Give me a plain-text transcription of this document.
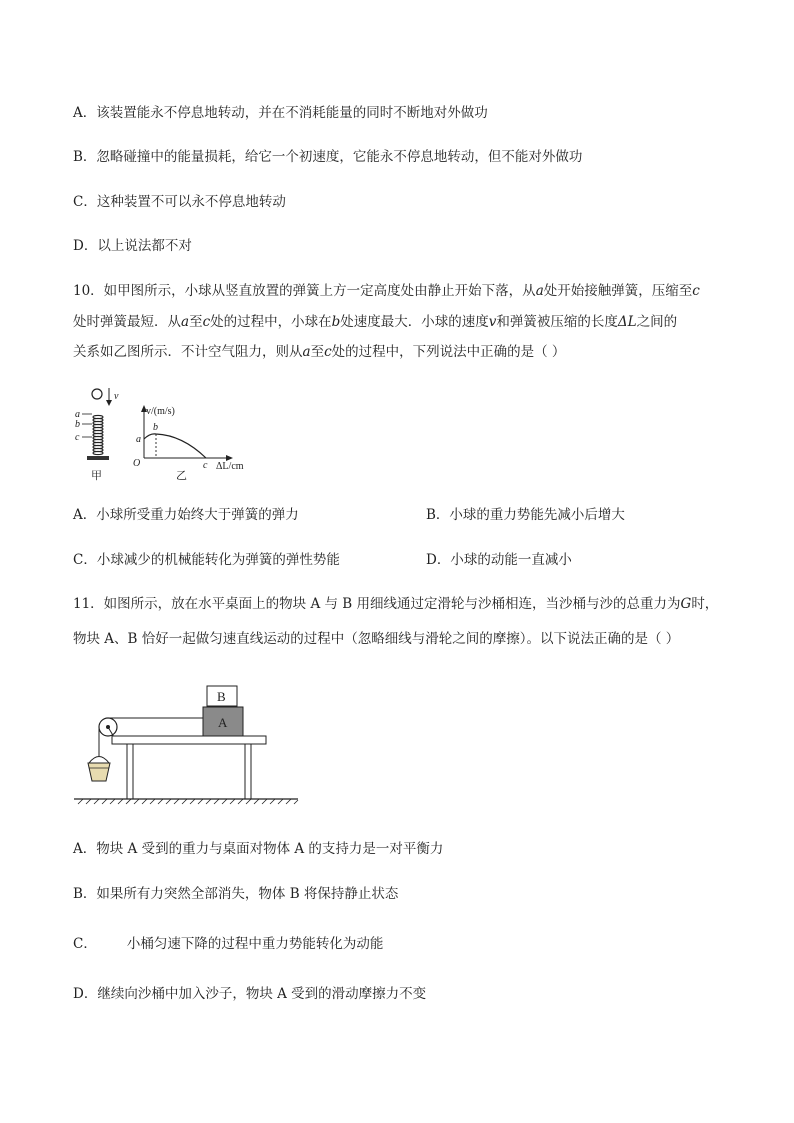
A．该装置能永不停息地转动，并在不消耗能量的同时不断地对外做功
B．忽略碰撞中的能量损耗，给它一个初速度，它能永不停息地转动，但不能对外做功
C．这种装置不可以永不停息地转动
D．以上说法都不对
10．如甲图所示，小球从竖直放置的弹簧上方一定高度处由静止开始下落，从a处开始接触弹簧，压缩至c
处时弹簧最短．从a至c处的过程中，小球在b处速度最大．小球的速度v和弹簧被压缩的长度ΔL之间的
关系如乙图所示．不计空气阻力，则从a至c处的过程中，下列说法中正确的是（ ）
v
a
b
c
甲
v/(m/s)
ΔL/cm
O
a
b
c
乙
A．小球所受重力始终大于弹簧的弹力	B．小球的重力势能先减小后增大
C．小球减少的机械能转化为弹簧的弹性势能	D．小球的动能一直减小
11．如图所示，放在水平桌面上的物块 A 与 B 用细线通过定滑轮与沙桶相连，当沙桶与沙的总重力为G时，
物块 A、B 恰好一起做匀速直线运动的过程中（忽略细线与滑轮之间的摩擦）。以下说法正确的是（ ）
B
A
A．物块 A 受到的重力与桌面对物体 A 的支持力是一对平衡力
B．如果所有力突然全部消失，物体 B 将保持静止状态
C．       小桶匀速下降的过程中重力势能转化为动能
D．继续向沙桶中加入沙子，物块 A 受到的滑动摩擦力不变
